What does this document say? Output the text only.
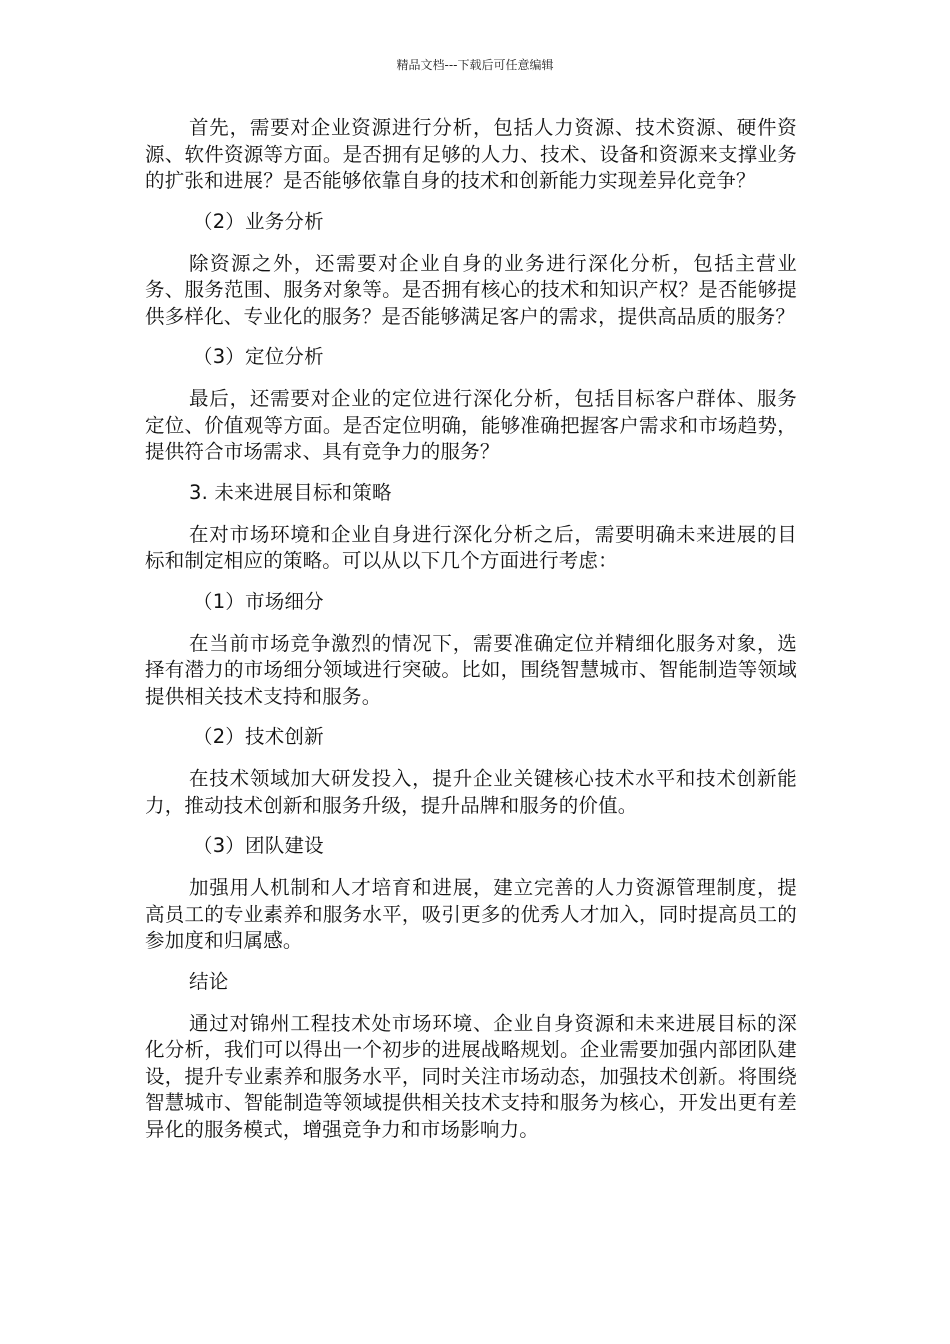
精品文档---下载后可任意编辑

首先，需要对企业资源进行分析，包括人力资源、技术资源、硬件资源、软件资源等方面。是否拥有足够的人力、技术、设备和资源来支撑业务的扩张和进展？是否能够依靠自身的技术和创新能力实现差异化竞争？

（2）业务分析

除资源之外，还需要对企业自身的业务进行深化分析，包括主营业务、服务范围、服务对象等。是否拥有核心的技术和知识产权？是否能够提供多样化、专业化的服务？是否能够满足客户的需求，提供高品质的服务？

（3）定位分析

最后，还需要对企业的定位进行深化分析，包括目标客户群体、服务定位、价值观等方面。是否定位明确，能够准确把握客户需求和市场趋势，提供符合市场需求、具有竞争力的服务？

3. 未来进展目标和策略

在对市场环境和企业自身进行深化分析之后，需要明确未来进展的目标和制定相应的策略。可以从以下几个方面进行考虑：

（1）市场细分

在当前市场竞争激烈的情况下，需要准确定位并精细化服务对象，选择有潜力的市场细分领域进行突破。比如，围绕智慧城市、智能制造等领域提供相关技术支持和服务。

（2）技术创新

在技术领域加大研发投入，提升企业关键核心技术水平和技术创新能力，推动技术创新和服务升级，提升品牌和服务的价值。

（3）团队建设

加强用人机制和人才培育和进展，建立完善的人力资源管理制度，提高员工的专业素养和服务水平，吸引更多的优秀人才加入，同时提高员工的参加度和归属感。

结论

通过对锦州工程技术处市场环境、企业自身资源和未来进展目标的深化分析，我们可以得出一个初步的进展战略规划。企业需要加强内部团队建设，提升专业素养和服务水平，同时关注市场动态，加强技术创新。将围绕智慧城市、智能制造等领域提供相关技术支持和服务为核心，开发出更有差异化的服务模式，增强竞争力和市场影响力。
